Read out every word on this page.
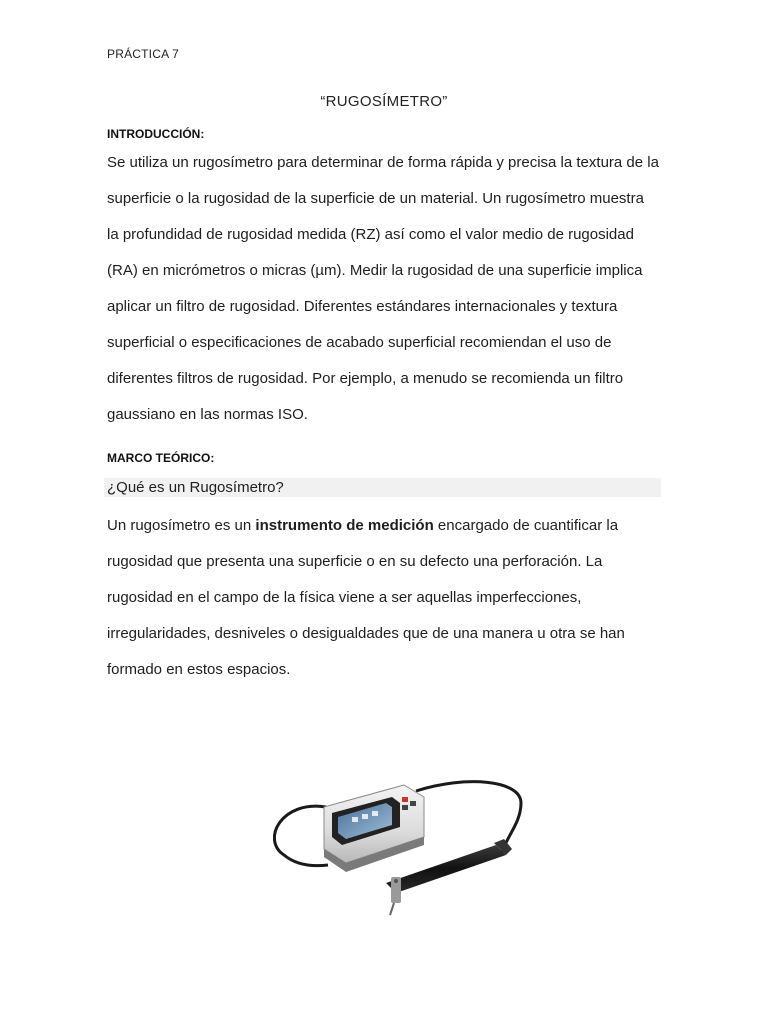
PRÁCTICA 7
“RUGOSÍMETRO”
INTRODUCCIÓN:
Se utiliza un rugosímetro para determinar de forma rápida y precisa la textura de la
superficie o la rugosidad de la superficie de un material. Un rugosímetro muestra
la profundidad de rugosidad medida (RZ) así como el valor medio de rugosidad
(RA) en micrómetros o micras (µm). Medir la rugosidad de una superficie implica
aplicar un filtro de rugosidad. Diferentes estándares internacionales y textura
superficial o especificaciones de acabado superficial recomiendan el uso de
diferentes filtros de rugosidad. Por ejemplo, a menudo se recomienda un filtro
gaussiano en las normas ISO.
MARCO TEÓRICO:
¿Qué es un Rugosímetro?
Un rugosímetro es un instrumento de medición encargado de cuantificar la
rugosidad que presenta una superficie o en su defecto una perforación. La
rugosidad en el campo de la física viene a ser aquellas imperfecciones,
irregularidades, desniveles o desigualdades que de una manera u otra se han
formado en estos espacios.
